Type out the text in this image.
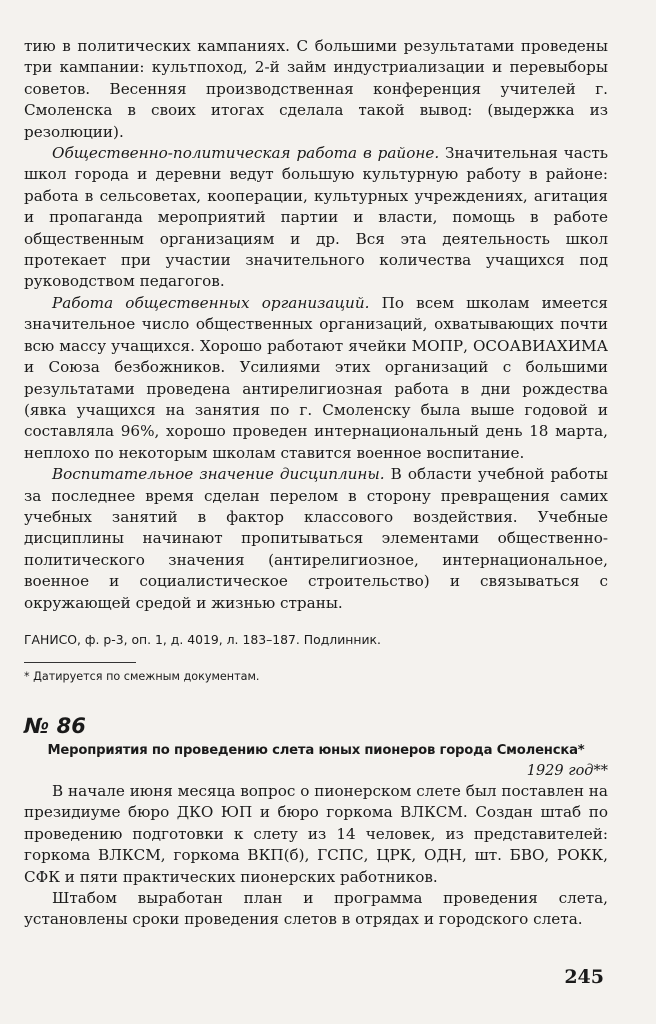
тию в политических кампаниях. С большими результатами проведены три кампании: культпоход, 2-й займ индустриализации и перевыборы советов. Весенняя производственная конференция учителей г. Смоленска в своих итогах сделала такой вывод: (выдержка из резолюции).

Общественно-политическая работа в районе. Значительная часть школ города и деревни ведут большую культурную работу в районе: работа в сельсоветах, кооперации, культурных учреждениях, агитация и пропаганда мероприятий партии и власти, помощь в работе общественным организациям и др. Вся эта деятельность школ протекает при участии значительного количества учащихся под руководством педагогов.

Работа общественных организаций. По всем школам имеется значительное число общественных организаций, охватывающих почти всю массу учащихся. Хорошо работают ячейки МОПР, ОСОАВИАХИМА и Союза безбожников. Усилиями этих организаций с большими результатами проведена антирелигиозная работа в дни рождества (явка учащихся на занятия по г. Смоленску была выше годовой и составляла 96%, хорошо проведен интернациональный день 18 марта, неплохо по некоторым школам ставится военное воспитание.

Воспитательное значение дисциплины. В области учебной работы за последнее время сделан перелом в сторону превращения самих учебных занятий в фактор классового воздействия. Учебные дисциплины начинают пропитываться элементами общественно-политического значения (антирелигиозное, интернациональное, военное и социалистическое строительство) и связываться с окружающей средой и жизнью страны.

ГАНИСО, ф. р-3, оп. 1, д. 4019, л. 183–187. Подлинник.
* Датируется по смежным документам.
№ 86
Мероприятия по проведению слета юных пионеров города Смоленска*
1929 год**

В начале июня месяца вопрос о пионерском слете был поставлен на президиуме бюро ДКО ЮП и бюро горкома ВЛКСМ. Создан штаб по проведению подготовки к слету из 14 человек, из представителей: горкома ВЛКСМ, горкома ВКП(б), ГСПС, ЦРК, ОДН, шт. БВО, РОКК, СФК и пяти практических пионерских работников.

Штабом выработан план и программа проведения слета, установлены сроки проведения слетов в отрядах и городского слета.

245
